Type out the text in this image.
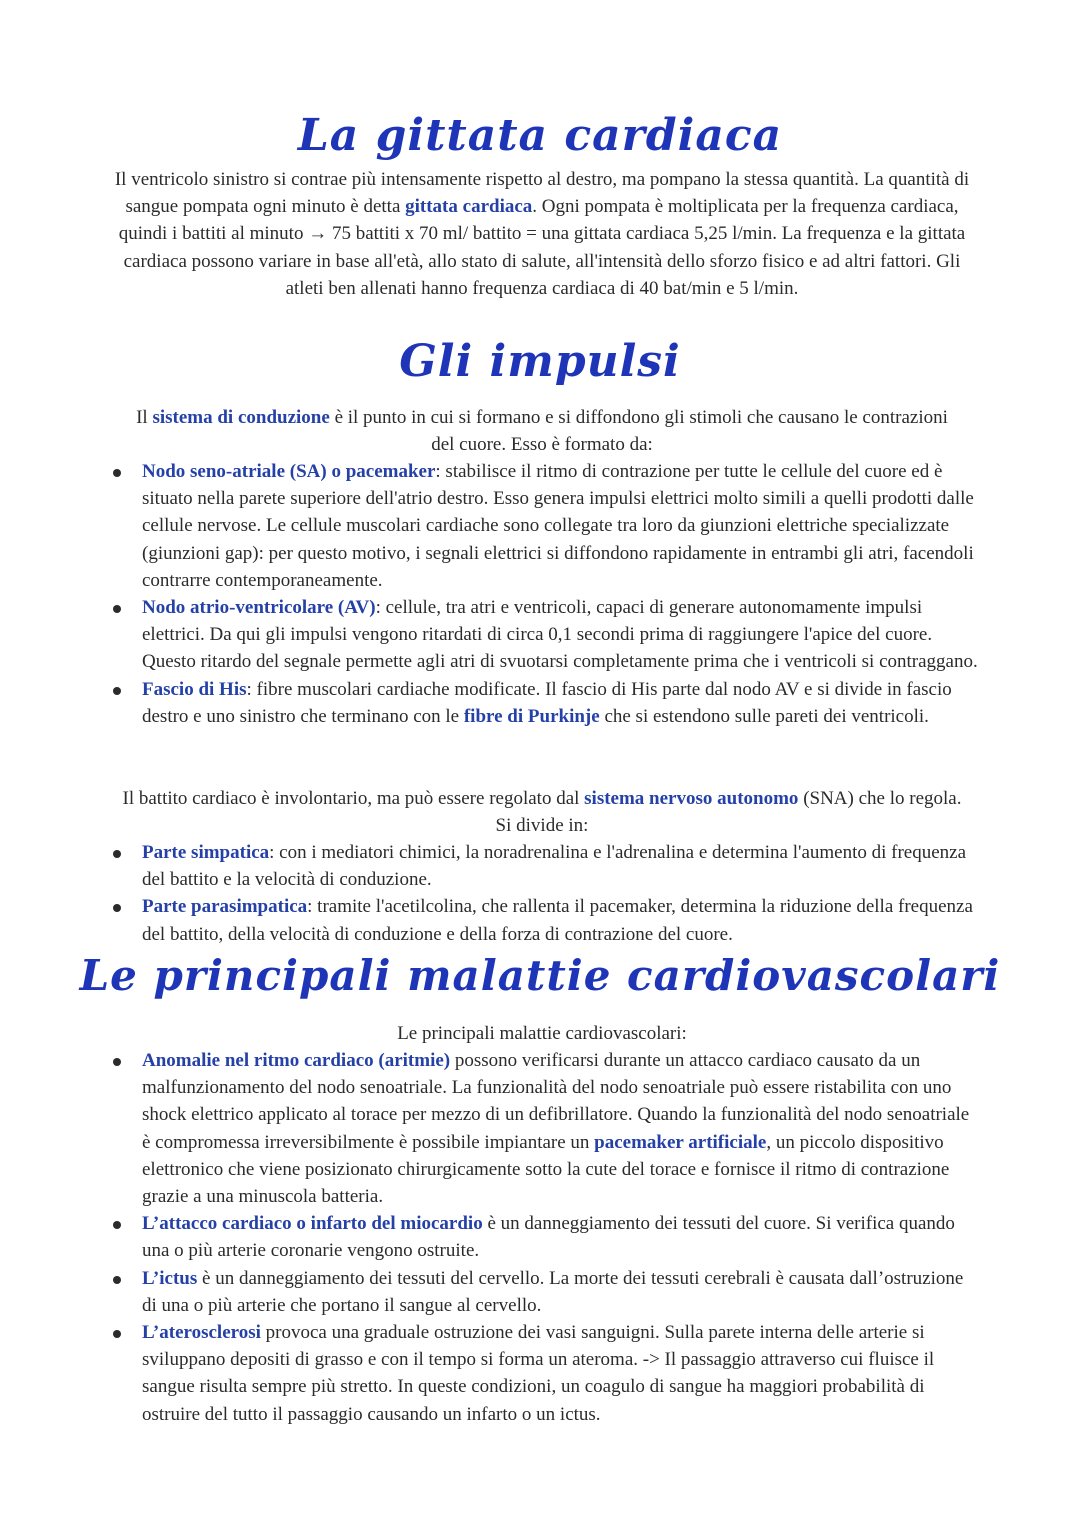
La gittata cardiaca

Il ventricolo sinistro si contrae più intensamente rispetto al destro, ma pompano la stessa quantità. La quantità di sangue pompata ogni minuto è detta gittata cardiaca. Ogni pompata è moltiplicata per la frequenza cardiaca, quindi i battiti al minuto → 75 battiti x 70 ml/ battito = una gittata cardiaca 5,25 l/min. La frequenza e la gittata cardiaca possono variare in base all'età, allo stato di salute, all'intensità dello sforzo fisico e ad altri fattori. Gli atleti ben allenati hanno frequenza cardiaca di 40 bat/min e 5 l/min.

Gli impulsi

Il sistema di conduzione è il punto in cui si formano e si diffondono gli stimoli che causano le contrazioni del cuore. Esso è formato da:

Nodo seno-atriale (SA) o pacemaker: stabilisce il ritmo di contrazione per tutte le cellule del cuore ed è situato nella parete superiore dell'atrio destro. Esso genera impulsi elettrici molto simili a quelli prodotti dalle cellule nervose. Le cellule muscolari cardiache sono collegate tra loro da giunzioni elettriche specializzate (giunzioni gap): per questo motivo, i segnali elettrici si diffondono rapidamente in entrambi gli atri, facendoli contrarre contemporaneamente.
Nodo atrio-ventricolare (AV): cellule, tra atri e ventricoli, capaci di generare autonomamente impulsi elettrici. Da qui gli impulsi vengono ritardati di circa 0,1 secondi prima di raggiungere l'apice del cuore. Questo ritardo del segnale permette agli atri di svuotarsi completamente prima che i ventricoli si contraggano.
Fascio di His: fibre muscolari cardiache modificate. Il fascio di His parte dal nodo AV e si divide in fascio destro e uno sinistro che terminano con le fibre di Purkinje che si estendono sulle pareti dei ventricoli.

Il battito cardiaco è involontario, ma può essere regolato dal sistema nervoso autonomo (SNA) che lo regola. Si divide in:

Parte simpatica: con i mediatori chimici, la noradrenalina e l'adrenalina e determina l'aumento di frequenza del battito e la velocità di conduzione.
Parte parasimpatica: tramite l'acetilcolina, che rallenta il pacemaker, determina la riduzione della frequenza del battito, della velocità di conduzione e della forza di contrazione del cuore.
Le principali malattie cardiovascolari

Le principali malattie cardiovascolari:

Anomalie nel ritmo cardiaco (aritmie) possono verificarsi durante un attacco cardiaco causato da un malfunzionamento del nodo senoatriale. La funzionalità del nodo senoatriale può essere ristabilita con uno shock elettrico applicato al torace per mezzo di un defibrillatore. Quando la funzionalità del nodo senoatriale è compromessa irreversibilmente è possibile impiantare un pacemaker artificiale, un piccolo dispositivo elettronico che viene posizionato chirurgicamente sotto la cute del torace e fornisce il ritmo di contrazione grazie a una minuscola batteria.
L’attacco cardiaco o infarto del miocardio è un danneggiamento dei tessuti del cuore. Si verifica quando una o più arterie coronarie vengono ostruite.
L’ictus è un danneggiamento dei tessuti del cervello. La morte dei tessuti cerebrali è causata dall’ostruzione di una o più arterie che portano il sangue al cervello.
L’aterosclerosi provoca una graduale ostruzione dei vasi sanguigni. Sulla parete interna delle arterie si sviluppano depositi di grasso e con il tempo si forma un ateroma. -> Il passaggio attraverso cui fluisce il sangue risulta sempre più stretto. In queste condizioni, un coagulo di sangue ha maggiori probabilità di ostruire del tutto il passaggio causando un infarto o un ictus.
